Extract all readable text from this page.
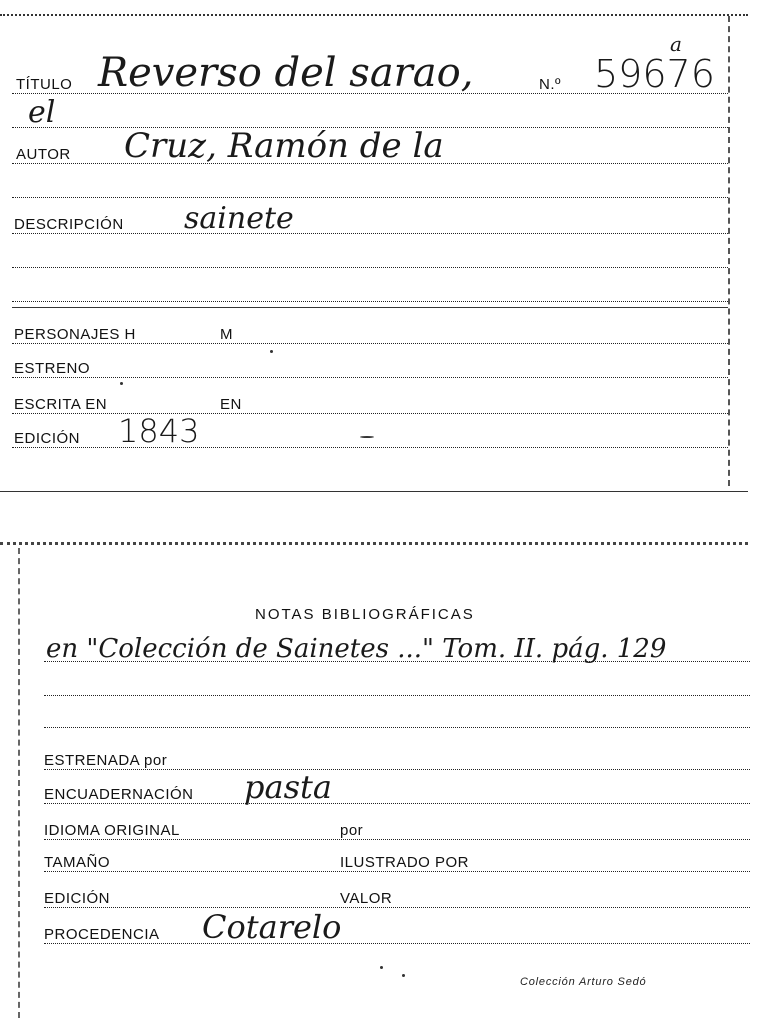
TÍTULO Reverso del sarao,	N.º 59676
a
el
AUTOR Cruz, Ramón de la
DESCRIPCIÓN sainete
PERSONAJES H	M
ESTRENO
ESCRITA EN	EN
EDICIÓN 1843
NOTAS BIBLIOGRÁFICAS
en "Colección de Sainetes ..." Tom. II. pág. 129
ESTRENADA por
ENCUADERNACIÓN pasta
IDIOMA ORIGINAL	por
TAMAÑO	ILUSTRADO POR
EDICIÓN	VALOR
PROCEDENCIA Cotarelo
Colección Arturo Sedó
